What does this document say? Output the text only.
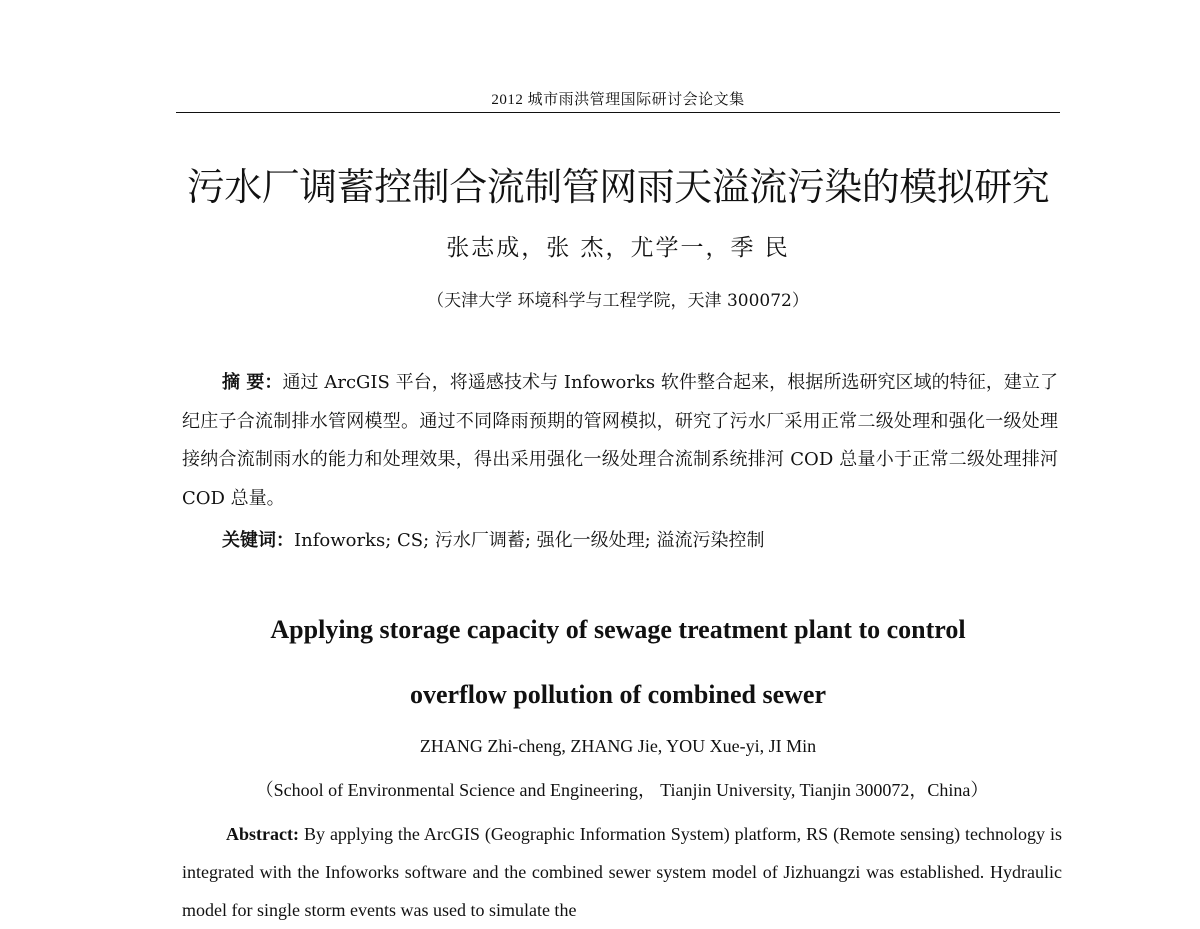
2012 城市雨洪管理国际研讨会论文集
污水厂调蓄控制合流制管网雨天溢流污染的模拟研究
张志成，张 杰，尤学一，季 民
（天津大学 环境科学与工程学院，天津 300072）
摘 要：通过 ArcGIS 平台，将遥感技术与 Infoworks 软件整合起来，根据所选研究区域的特征，建立了纪庄子合流制排水管网模型。通过不同降雨预期的管网模拟，研究了污水厂采用正常二级处理和强化一级处理接纳合流制雨水的能力和处理效果，得出采用强化一级处理合流制系统排河 COD 总量小于正常二级处理排河 COD 总量。
关键词：Infoworks; CS; 污水厂调蓄; 强化一级处理; 溢流污染控制
Applying storage capacity of sewage treatment plant to control
overflow pollution of combined sewer
ZHANG Zhi-cheng, ZHANG Jie, YOU Xue-yi, JI Min
（School of Environmental Science and Engineering， Tianjin University, Tianjin 300072，China）
Abstract: By applying the ArcGIS (Geographic Information System) platform, RS (Remote sensing) technology is integrated with the Infoworks software and the combined sewer system model of Jizhuangzi was established. Hydraulic model for single storm events was used to simulate the
